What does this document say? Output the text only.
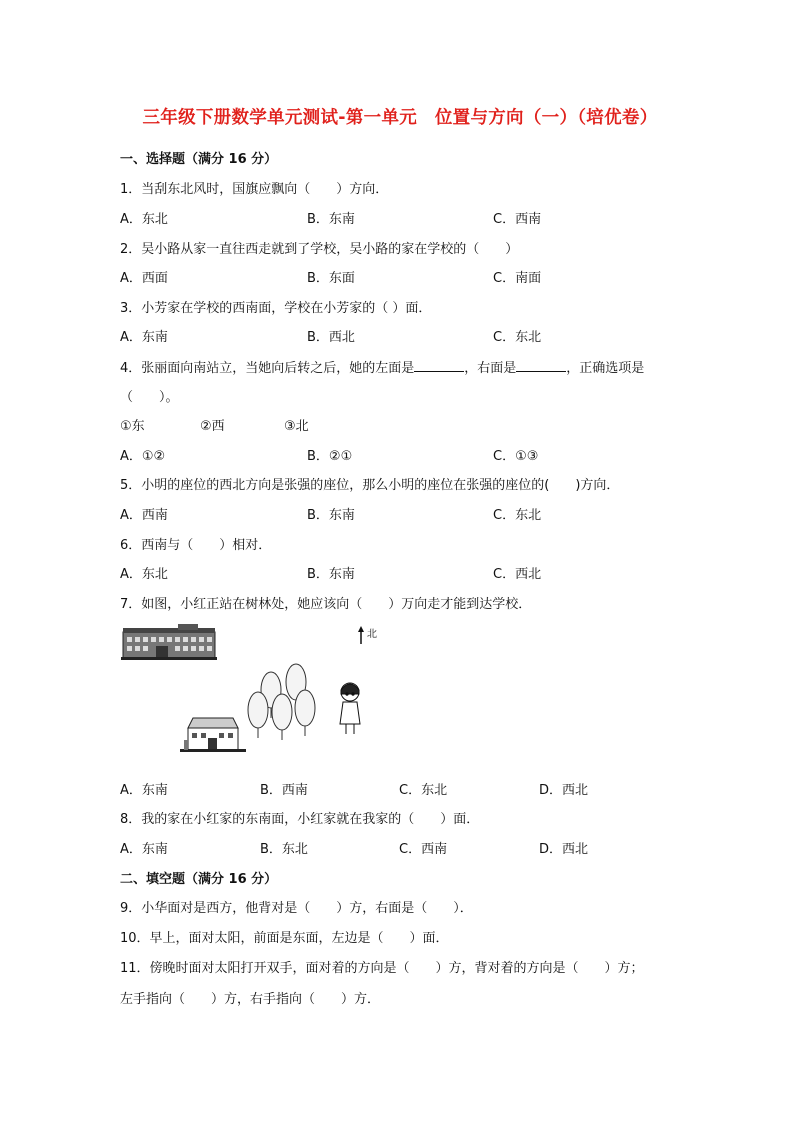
三年级下册数学单元测试-第一单元　位置与方向（一）（培优卷）
一、选择题（满分 16 分）
1．当刮东北风时，国旗应飘向（　　）方向．
A．东北	B．东南	C．西南
2．吴小路从家一直往西走就到了学校，吴小路的家在学校的（　　）
A．西面	B．东面	C．南面
3．小芳家在学校的西南面，学校在小芳家的（ ）面．
A．东南	B．西北	C．东北
4．张丽面向南站立，当她向后转之后，她的左面是	，右面是	，正确选项是
（　　）。
①东	②西	③北
A．①②	B．②①	C．①③
5．小明的座位的西北方向是张强的座位，那么小明的座位在张强的座位的(　　)方向．
A．西南	B．东南	C．东北
6．西南与（　　）相对．
A．东北	B．东南	C．西北
7．如图，小红正站在树林处，她应该向（　　）万向走才能到达学校．
北
A．东南	B．西南	C．东北	D．西北
8．我的家在小红家的东南面，小红家就在我家的（　　）面．
A．东南	B．东北	C．西南	D．西北
二、填空题（满分 16 分）
9．小华面对是西方，他背对是（　　）方，右面是（　　）．
10．早上，面对太阳，前面是东面，左边是（　　）面．
11．傍晚时面对太阳打开双手，面对着的方向是（　　）方，背对着的方向是（　　）方；
左手指向（　　）方，右手指向（　　）方．
